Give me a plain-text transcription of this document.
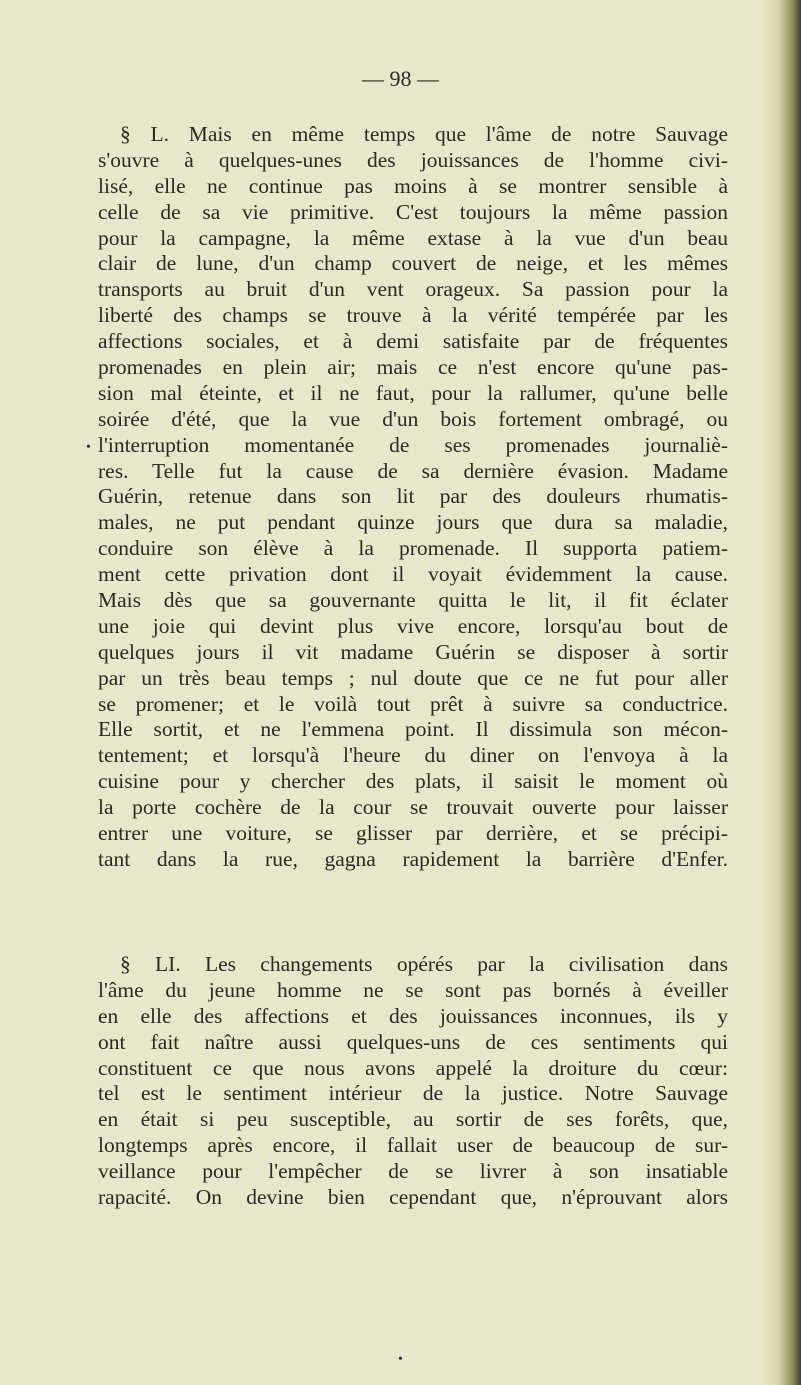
— 98 —
§ L. Mais en même temps que l'âme de notre Sauvage
s'ouvre à quelques-unes des jouissances de l'homme civi-
lisé, elle ne continue pas moins à se montrer sensible à
celle de sa vie primitive. C'est toujours la même passion
pour la campagne, la même extase à la vue d'un beau
clair de lune, d'un champ couvert de neige, et les mêmes
transports au bruit d'un vent orageux. Sa passion pour la
liberté des champs se trouve à la vérité tempérée par les
affections sociales, et à demi satisfaite par de fréquentes
promenades en plein air; mais ce n'est encore qu'une pas-
sion mal éteinte, et il ne faut, pour la rallumer, qu'une belle
soirée d'été, que la vue d'un bois fortement ombragé, ou
l'interruption momentanée de ses promenades journaliè-
res. Telle fut la cause de sa dernière évasion. Madame
Guérin, retenue dans son lit par des douleurs rhumatis-
males, ne put pendant quinze jours que dura sa maladie,
conduire son élève à la promenade. Il supporta patiem-
ment cette privation dont il voyait évidemment la cause.
Mais dès que sa gouvernante quitta le lit, il fit éclater
une joie qui devint plus vive encore, lorsqu'au bout de
quelques jours il vit madame Guérin se disposer à sortir
par un très beau temps ; nul doute que ce ne fut pour aller
se promener; et le voilà tout prêt à suivre sa conductrice.
Elle sortit, et ne l'emmena point. Il dissimula son mécon-
tentement; et lorsqu'à l'heure du diner on l'envoya à la
cuisine pour y chercher des plats, il saisit le moment où
la porte cochère de la cour se trouvait ouverte pour laisser
entrer une voiture, se glisser par derrière, et se précipi-
tant dans la rue, gagna rapidement la barrière d'Enfer.
§ LI. Les changements opérés par la civilisation dans
l'âme du jeune homme ne se sont pas bornés à éveiller
en elle des affections et des jouissances inconnues, ils y
ont fait naître aussi quelques-uns de ces sentiments qui
constituent ce que nous avons appelé la droiture du cœur:
tel est le sentiment intérieur de la justice. Notre Sauvage
en était si peu susceptible, au sortir de ses forêts, que,
longtemps après encore, il fallait user de beaucoup de sur-
veillance pour l'empêcher de se livrer à son insatiable
rapacité. On devine bien cependant que, n'éprouvant alors
•
•
